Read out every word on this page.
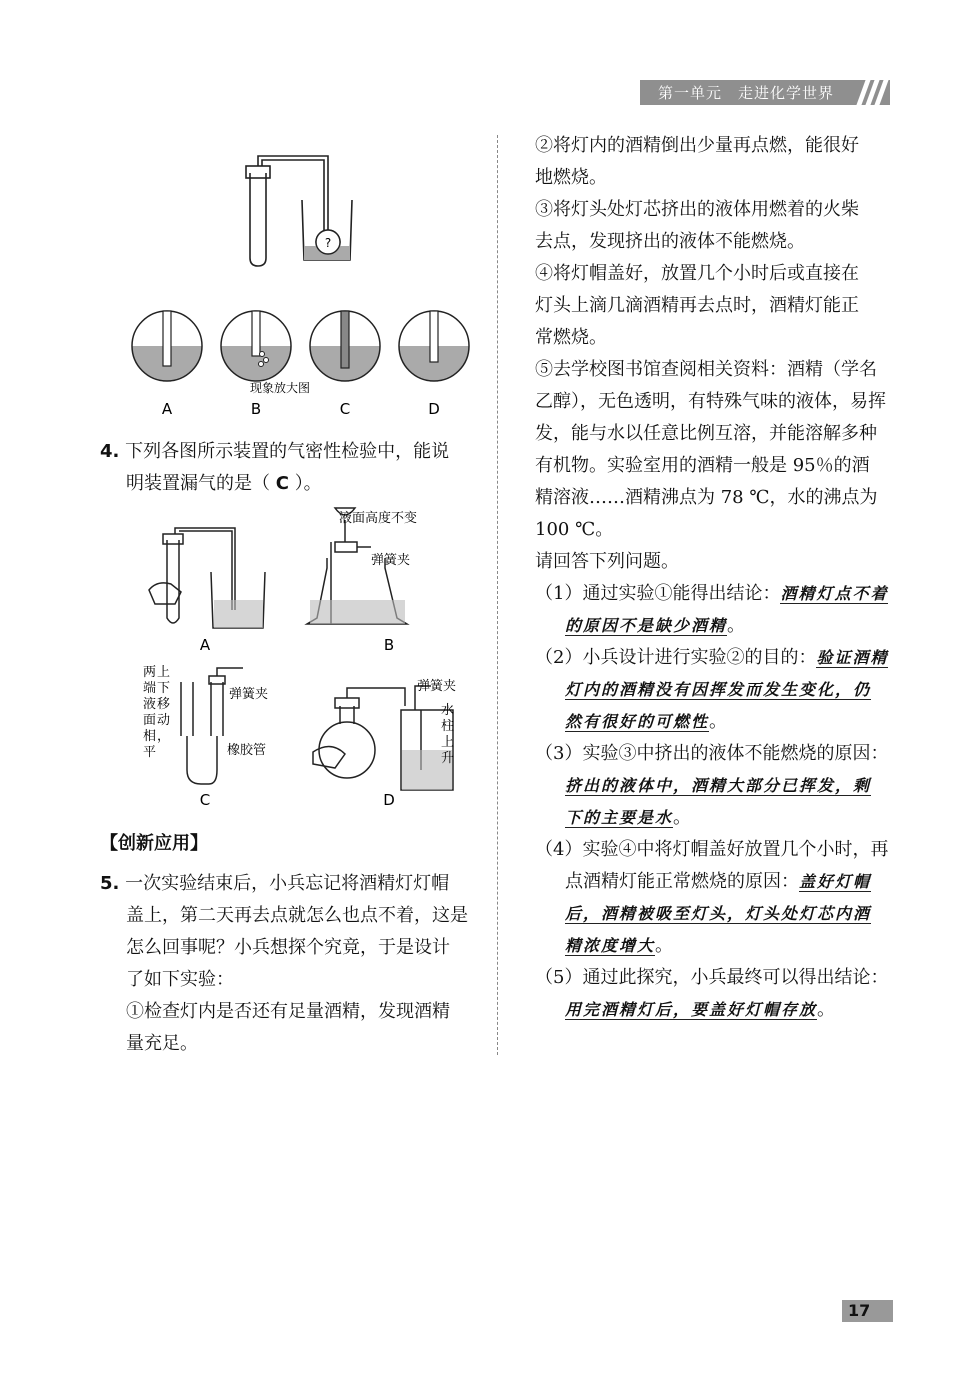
第一单元　走进化学世界
?
现象放大图
A	B	C	D

4. 下列各图所示装置的气密性检验中，能说

明装置漏气的是（ C ）。

液面高度不变
弹簧夹
弹簧夹
橡胶管
弹簧夹
两
端
液
面
相
平
上
下
移
动
，
水
柱
上
升
A	B
C	D

【创新应用】

5. 一次实验结束后，小兵忘记将酒精灯灯帽

盖上，第二天再去点就怎么也点不着，这是

怎么回事呢？小兵想探个究竟，于是设计

了如下实验：

①检查灯内是否还有足量酒精，发现酒精

量充足。

②将灯内的酒精倒出少量再点燃，能很好

地燃烧。

③将灯头处灯芯挤出的液体用燃着的火柴

去点，发现挤出的液体不能燃烧。

④将灯帽盖好，放置几个小时后或直接在

灯头上滴几滴酒精再去点时，酒精灯能正

常燃烧。

⑤去学校图书馆查阅相关资料：酒精（学名

乙醇），无色透明，有特殊气味的液体，易挥

发，能与水以任意比例互溶，并能溶解多种

有机物。实验室用的酒精一般是 95％的酒

精溶液……酒精沸点为 78 ℃，水的沸点为

100 ℃。

请回答下列问题。

（1）通过实验①能得出结论：酒精灯点不着

的原因不是缺少酒精。

（2）小兵设计进行实验②的目的：验证酒精

灯内的酒精没有因挥发而发生变化，仍

然有很好的可燃性。

（3）实验③中挤出的液体不能燃烧的原因：

挤出的液体中，酒精大部分已挥发，剩

下的主要是水。

（4）实验④中将灯帽盖好放置几个小时，再

点酒精灯能正常燃烧的原因：盖好灯帽

后，酒精被吸至灯头，灯头处灯芯内酒

精浓度增大。

（5）通过此探究，小兵最终可以得出结论：

用完酒精灯后，要盖好灯帽存放。

17
